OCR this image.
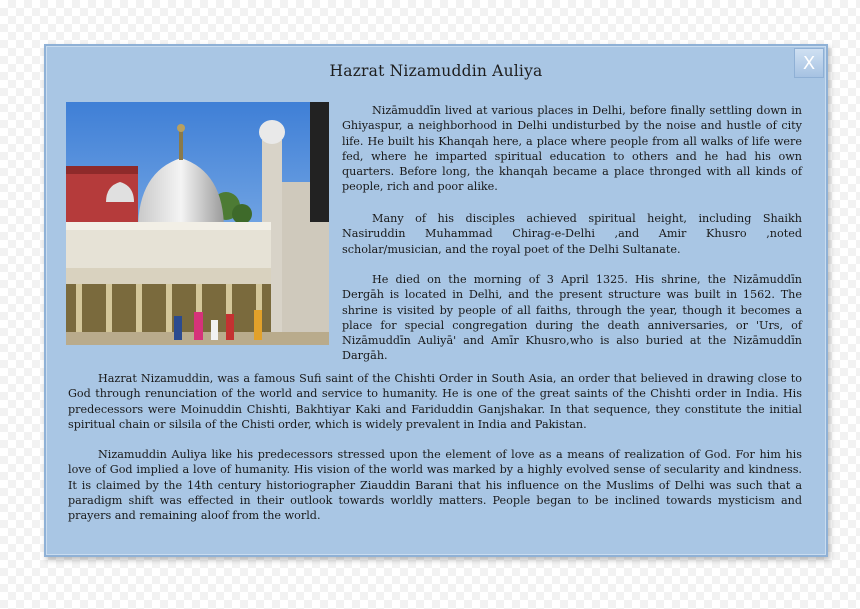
Hazrat Nizamuddin Auliya	X

Nizāmuddīn lived at various places in Delhi, before finally settling down in Ghiyaspur, a neighborhood in Delhi undisturbed by the noise and hustle of city life. He built his Khanqah here, a place where people from all walks of life were fed, where he imparted spiritual education to others and he had his own quarters. Before long, the khanqah became a place thronged with all kinds of people, rich and poor alike.

Many of his disciples achieved spiritual height, including Shaikh Nasiruddin Muhammad Chirag-e-Delhi ,and Amir Khusro ,noted scholar/musician, and the royal poet of the Delhi Sultanate.

He died on the morning of 3 April 1325. His shrine, the Nizāmuddīn Dergāh is located in Delhi, and the present structure was built in 1562. The shrine is visited by people of all faiths, through the year, though it becomes a place for special congregation during the death anniversaries, or 'Urs, of Nizāmuddīn Auliyā' and Amīr Khusro,who is also buried at the Nizāmuddīn Dargāh.

Hazrat Nizamuddin, was a famous Sufi saint of the Chishti Order in South Asia, an order that believed in drawing close to God through renunciation of the world and service to humanity. He is one of the great saints of the Chishti order in India. His predecessors were Moinuddin Chishti, Bakhtiyar Kaki and Fariduddin Ganjshakar. In that sequence, they constitute the initial spiritual chain or silsila of the Chisti order, which is widely prevalent in India and Pakistan.

Nizamuddin Auliya like his predecessors stressed upon the element of love as a means of realization of God. For him his love of God implied a love of humanity. His vision of the world was marked by a highly evolved sense of secularity and kindness. It is claimed by the 14th century historiographer Ziauddin Barani that his influence on the Muslims of Delhi was such that a paradigm shift was effected in their outlook towards worldly matters. People began to be inclined towards mysticism and prayers and remaining aloof from the world.
